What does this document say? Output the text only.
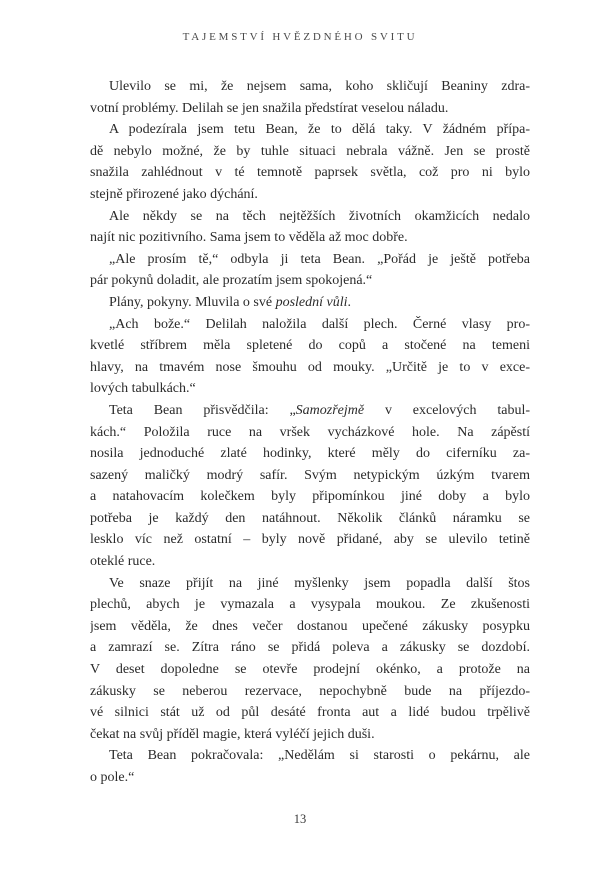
TAJEMSTVÍ HVĚZDNÉHO SVITU
Ulevilo se mi, že nejsem sama, koho skličují Beaniny zdra-
votní problémy. Delilah se jen snažila předstírat veselou náladu.
A podezírala jsem tetu Bean, že to dělá taky. V žádném přípa-
dě nebylo možné, že by tuhle situaci nebrala vážně. Jen se prostě
snažila zahlédnout v té temnotě paprsek světla, což pro ni bylo
stejně přirozené jako dýchání.
Ale někdy se na těch nejtěžších životních okamžicích nedalo
najít nic pozitivního. Sama jsem to věděla až moc dobře.
„Ale prosím tě,“ odbyla ji teta Bean. „Pořád je ještě potřeba
pár pokynů doladit, ale prozatím jsem spokojená.“
Plány, pokyny. Mluvila o své poslední vůli.
„Ach bože.“ Delilah naložila další plech. Černé vlasy pro-
kvetlé stříbrem měla spletené do copů a stočené na temeni
hlavy, na tmavém nose šmouhu od mouky. „Určitě je to v exce-
lových tabulkách.“
Teta Bean přisvědčila: „Samozřejmě v excelových tabul-
kách.“ Položila ruce na vršek vycházkové hole. Na zápěstí
nosila jednoduché zlaté hodinky, které měly do ciferníku za-
sazený maličký modrý safír. Svým netypickým úzkým tvarem
a natahovacím kolečkem byly připomínkou jiné doby a bylo
potřeba je každý den natáhnout. Několik článků náramku se
lesklo víc než ostatní – byly nově přidané, aby se ulevilo tetině
oteklé ruce.
Ve snaze přijít na jiné myšlenky jsem popadla další štos
plechů, abych je vymazala a vysypala moukou. Ze zkušenosti
jsem věděla, že dnes večer dostanou upečené zákusky posypku
a zamrazí se. Zítra ráno se přidá poleva a zákusky se dozdobí.
V deset dopoledne se otevře prodejní okénko, a protože na
zákusky se neberou rezervace, nepochybně bude na příjezdo-
vé silnici stát už od půl desáté fronta aut a lidé budou trpělivě
čekat na svůj příděl magie, která vyléčí jejich duši.
Teta Bean pokračovala: „Nedělám si starosti o pekárnu, ale
o pole.“
13
